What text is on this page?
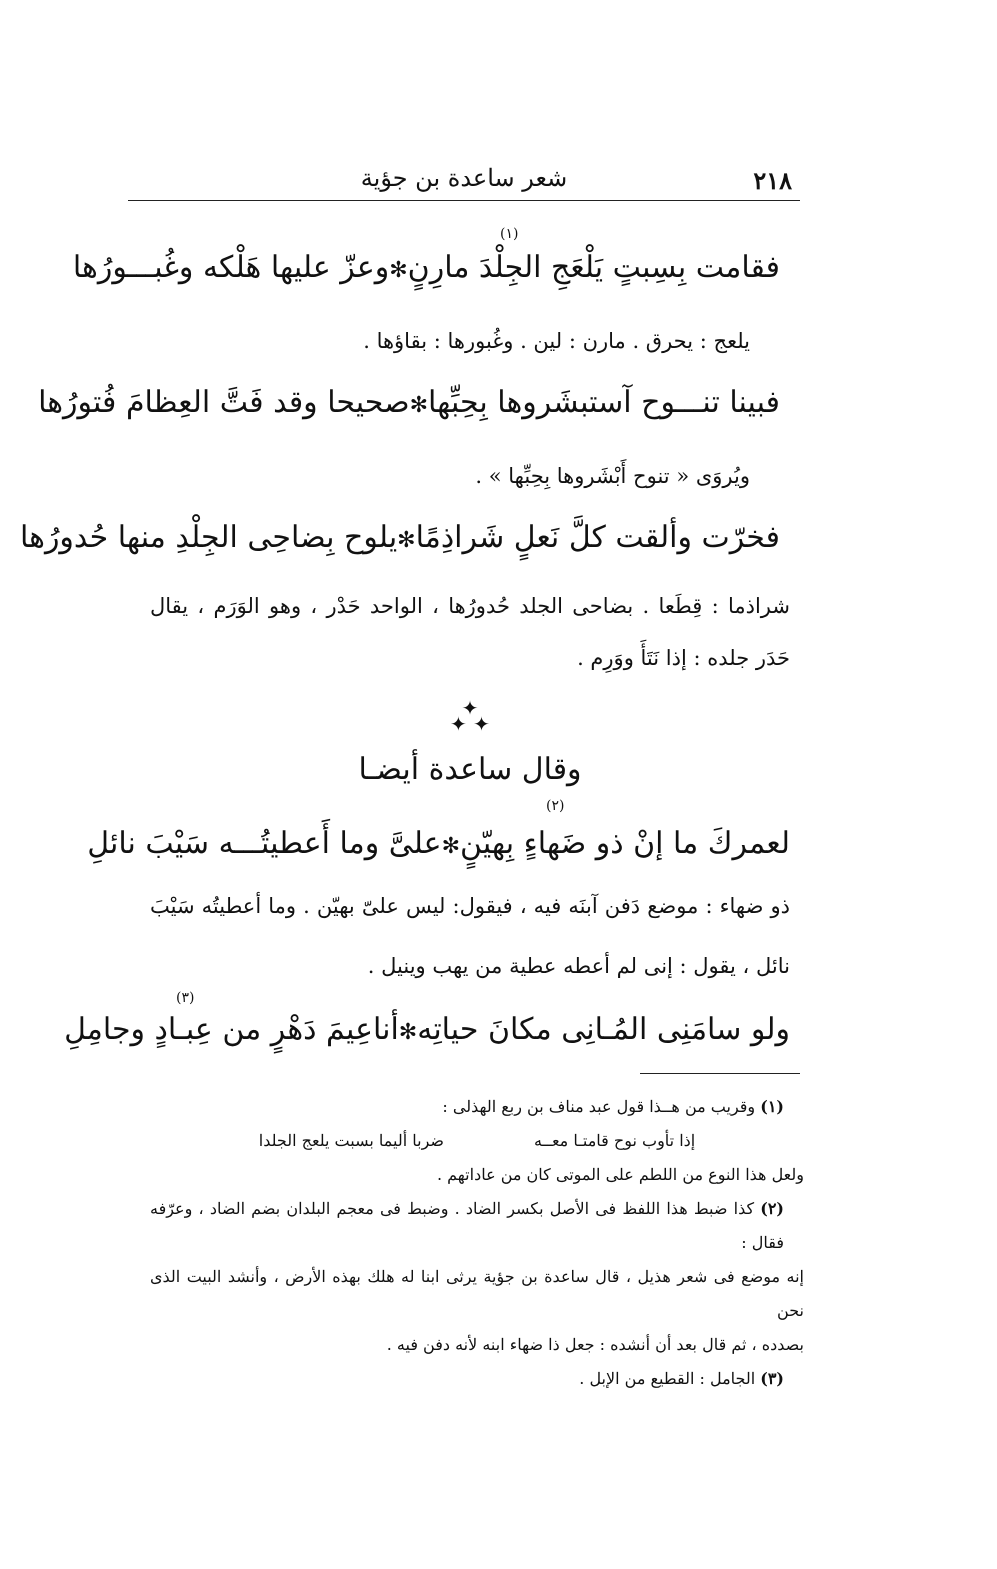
٢١٨
شعر ساعدة بن جؤية
(١)
فقامت بِسِبتٍ يَلْعَجِ الجِلْدَ مارِنٍ
✻
وعزّ عليها هَلْكه وغُبـــورُها
يلعج : يحرق . مارن : لين . وغُبورها : بقاؤها .
فبينا تنـــوح آستبشَروها بِحِبِّها
✻
صحيحا وقد فَتَّ العِظامَ فُتورُها
ويُروَى « تنوح أَبْشَروها بِحِبِّها » .
فخرّت وألقت كلَّ نَعلٍ شَراذِمًا
✻
يلوح بِضاحِى الجِلْدِ منها حُدورُها
شراذما : قِطَعا . بضاحى الجلد حُدورُها ، الواحد حَدْر ، وهو الوَرَم ، يقال
حَدَر جلده : إذا نَتَأَ ووَرِم .
✦
✦ ✦
وقال ساعدة أيضـا
(٢)
لعمركَ ما إنْ ذو ضَهاءٍ بِهيّنٍ
✻
علىَّ وما أَعطيتُـــه سَيْبَ نائلِ
ذو ضهاء : موضع دَفن آبنَه فيه ، فيقول: ليس علىّ بهيّن . وما أعطيتُه سَيْبَ
نائل ، يقول : إنى لم أعطه عطية من يهب وينيل .
(٣)
ولو سامَنِى المُـانِى مكانَ حياتِه
✻
أناعِيمَ دَهْرٍ من عِبـادٍ وجامِلِ

(١) وقريب من هــذا قول عبد مناف بن ربع الهذلى :

إذا تأوب نوح قامتـا معــه
ضربا أليما بسبت يلعج الجلدا

ولعل هذا النوع من اللطم على الموتى كان من عاداتهم .

(٢) كذا ضبط هذا اللفظ فى الأصل بكسر الضاد . وضبط فى معجم البلدان بضم الضاد ، وعرّفه فقال :

إنه موضع فى شعر هذيل ، قال ساعدة بن جؤية يرثى ابنا له هلك بهذه الأرض ، وأنشد البيت الذى نحن

بصدده ، ثم قال بعد أن أنشده : جعل ذا ضهاء ابنه لأنه دفن فيه .

(٣) الجامل : القطيع من الإبل .
